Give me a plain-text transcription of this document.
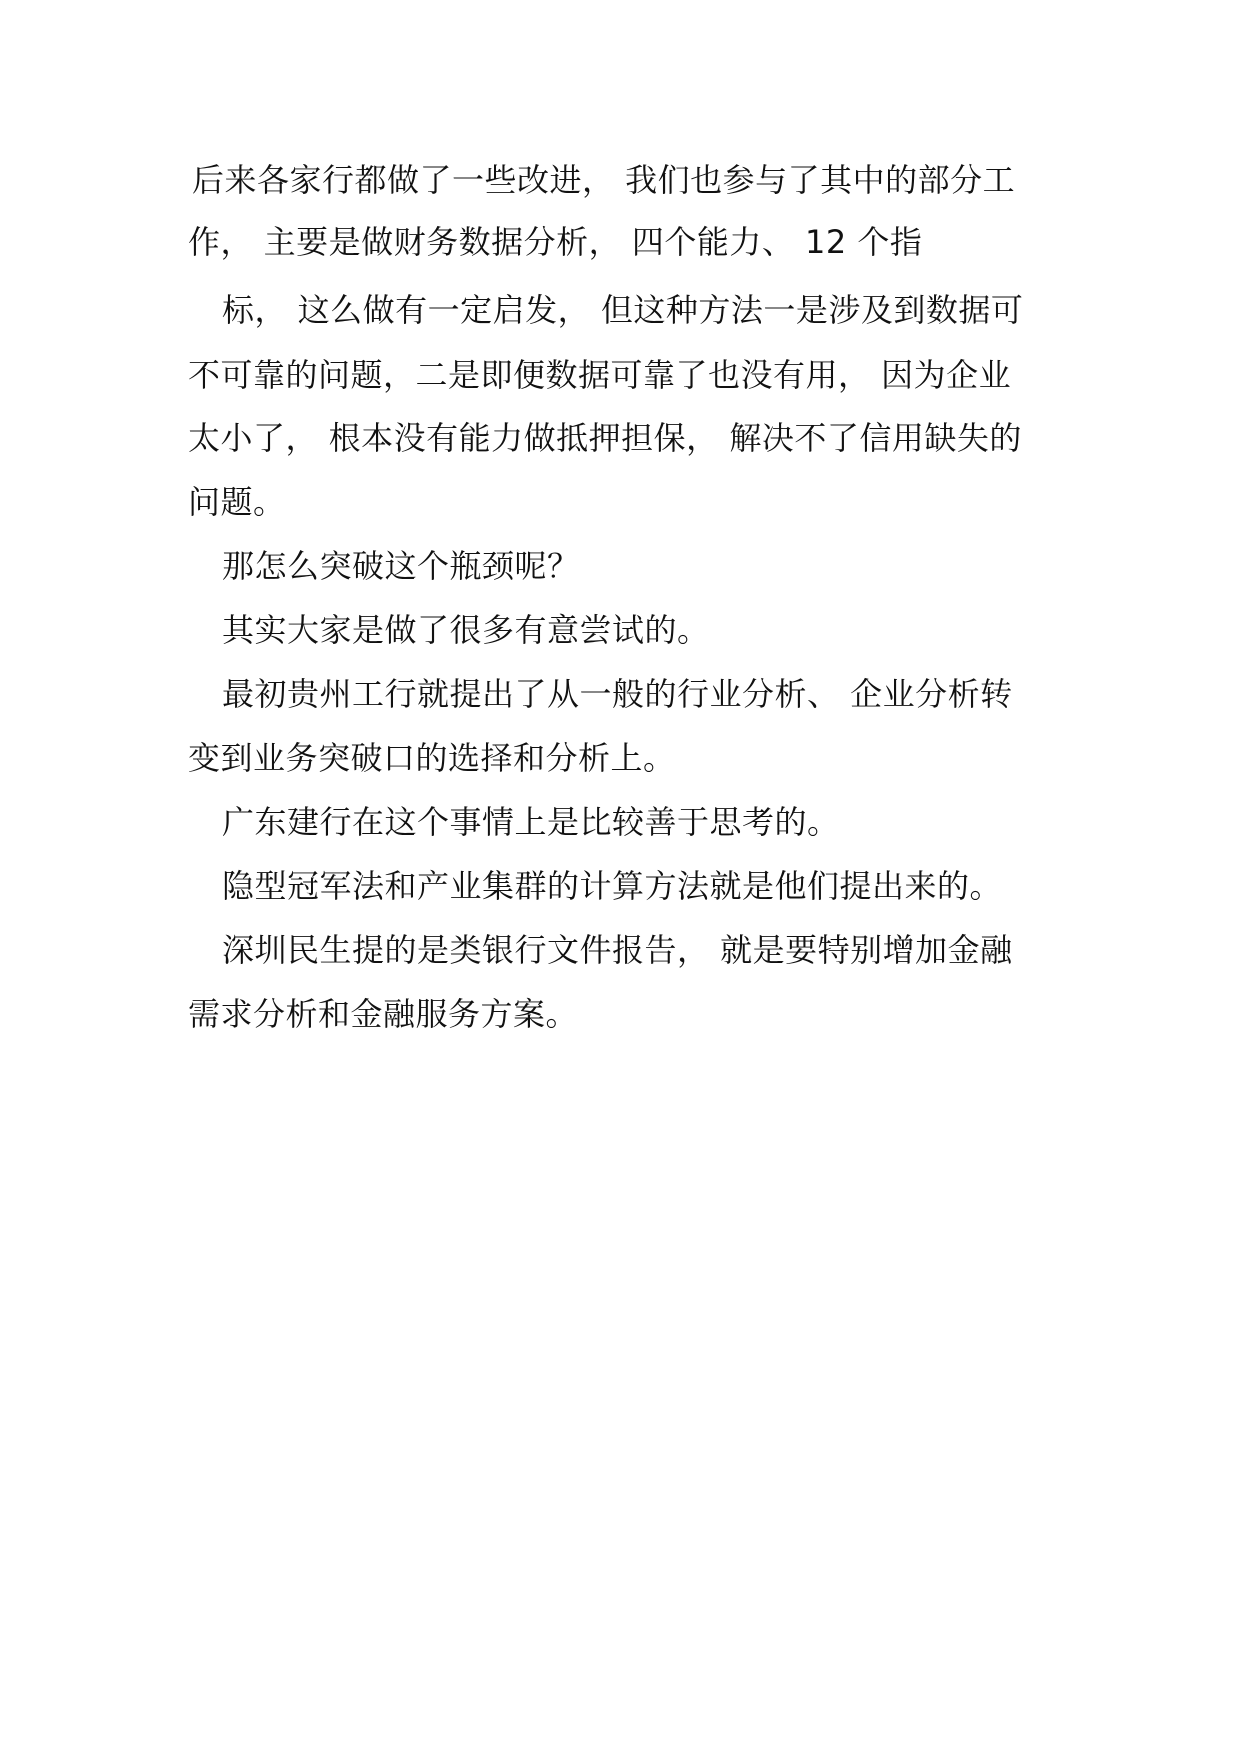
后来各家行都做了一些改进， 我们也参与了其中的部分工
作， 主要是做财务数据分析， 四个能力、 12 个指
标， 这么做有一定启发， 但这种方法一是涉及到数据可
不可靠的问题，二是即便数据可靠了也没有用， 因为企业
太小了， 根本没有能力做抵押担保， 解决不了信用缺失的
问题。
那怎么突破这个瓶颈呢？
其实大家是做了很多有意尝试的。
最初贵州工行就提出了从一般的行业分析、 企业分析转
变到业务突破口的选择和分析上。
广东建行在这个事情上是比较善于思考的。
隐型冠军法和产业集群的计算方法就是他们提出来的。
深圳民生提的是类银行文件报告， 就是要特别增加金融
需求分析和金融服务方案。
